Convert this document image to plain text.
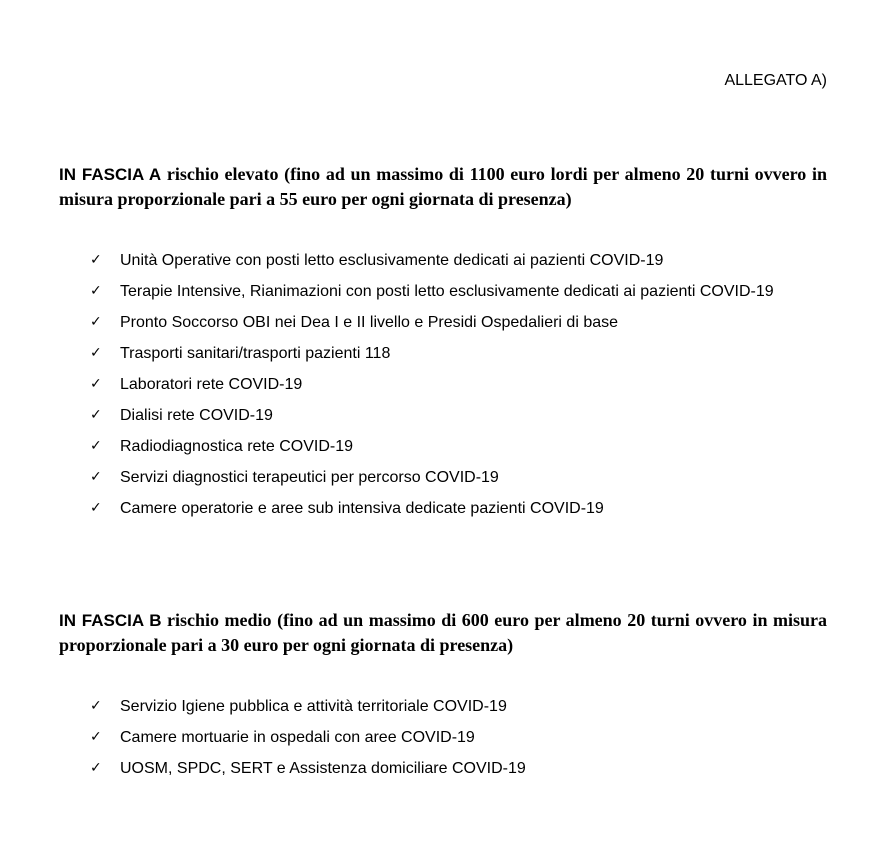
ALLEGATO A)
IN FASCIA A rischio elevato (fino ad un massimo di 1100 euro lordi per almeno 20 turni ovvero in misura proporzionale pari a 55 euro per ogni giornata di presenza)
✓ Unità Operative con posti letto esclusivamente dedicati ai pazienti COVID-19
✓ Terapie Intensive, Rianimazioni con posti letto esclusivamente dedicati ai pazienti COVID-19
✓ Pronto Soccorso OBI nei Dea I e II livello e Presidi Ospedalieri di base
✓ Trasporti sanitari/trasporti pazienti 118
✓ Laboratori rete COVID-19
✓ Dialisi rete COVID-19
✓ Radiodiagnostica rete COVID-19
✓ Servizi diagnostici terapeutici per percorso COVID-19
✓ Camere operatorie e aree sub intensiva dedicate pazienti COVID-19
IN FASCIA B rischio medio (fino ad un massimo di 600 euro per almeno 20 turni ovvero in misura proporzionale pari a 30 euro per ogni giornata di presenza)
✓ Servizio Igiene pubblica e attività territoriale COVID-19
✓ Camere mortuarie in ospedali con aree COVID-19
✓ UOSM, SPDC, SERT e Assistenza domiciliare COVID-19
